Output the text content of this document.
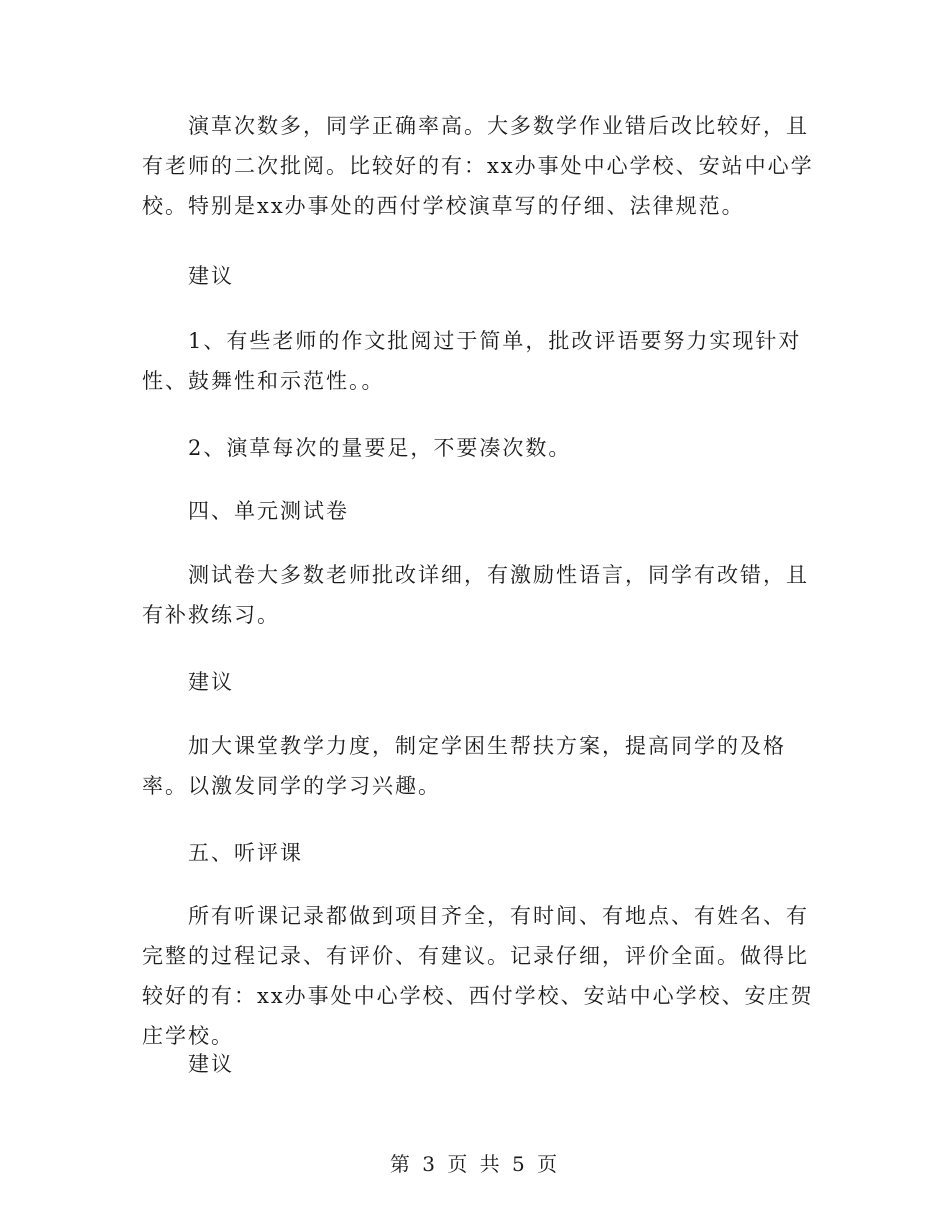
演草次数多，同学正确率高。大多数学作业错后改比较好，且有老师的二次批阅。比较好的有：xx办事处中心学校、安站中心学校。特别是xx办事处的西付学校演草写的仔细、法律规范。

建议

1、有些老师的作文批阅过于简单，批改评语要努力实现针对性、鼓舞性和示范性。。

2、演草每次的量要足，不要凑次数。

四、单元测试卷

测试卷大多数老师批改详细，有激励性语言，同学有改错，且有补救练习。

建议

加大课堂教学力度，制定学困生帮扶方案，提高同学的及格率。以激发同学的学习兴趣。

五、听评课

所有听课记录都做到项目齐全，有时间、有地点、有姓名、有完整的过程记录、有评价、有建议。记录仔细，评价全面。做得比较好的有：xx办事处中心学校、西付学校、安站中心学校、安庄贺庄学校。

建议

第 3 页 共 5 页
